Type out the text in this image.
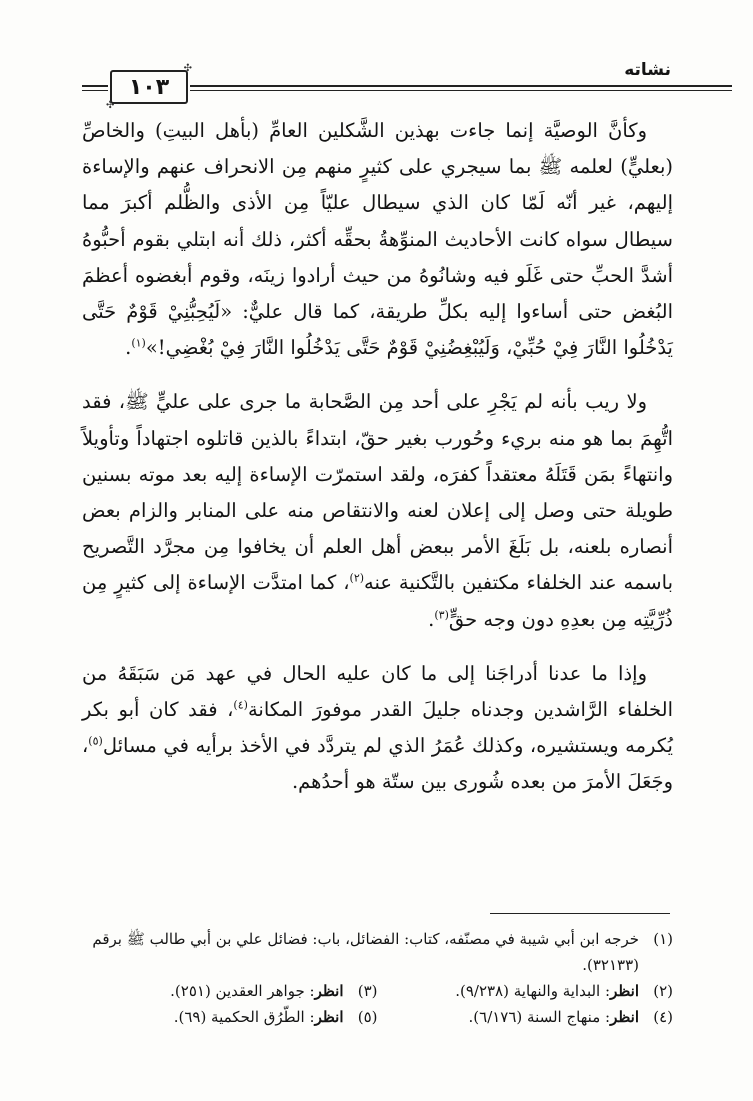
نشاته
✣ ١٠٣
✣

وكأنَّ الوصيَّة إنما جاءت بهذين الشَّكلين العامِّ (بأهل البيتِ) والخاصِّ (بعليٍّ) لعلمه ﷺ بما سيجري على كثيرٍ منهم مِن الانحراف عنهم والإساءة إليهم، غير أنّه لَمّا كان الذي سيطال عليّاً مِن الأذى والظُّلم أكبرَ مما سيطال سواه كانت الأحاديث المنوِّهةُ بحقِّه أكثر، ذلك أنه ابتلي بقوم أحبُّوهُ أشدَّ الحبِّ حتى غَلَو فيه وشانُوهُ من حيث أرادوا زينَه، وقوم أبغضوه أعظمَ البُغض حتى أساءوا إليه بكلِّ طريقة، كما قال عليٌّ: «لَيُحِبُّنِيْ قَوْمٌ حَتَّى يَدْخُلُوا النَّارَ فِيْ حُبِّيْ، وَلَيُبْغِضُنِيْ قَوْمٌ حَتَّى يَدْخُلُوا النَّارَ فِيْ بُغْضِي!»$^{(١)}$.

ولا ريب بأنه لم يَجْرِ على أحد مِن الصَّحابة ما جرى على عليٍّ ﷺ، فقد اتُّهِمَ بما هو منه بريء وحُورب بغير حقّ، ابتداءً بالذين قاتلوه اجتهاداً وتأويلاً وانتهاءً بمَن قَتَلَهُ معتقداً كفرَه، ولقد استمرّت الإساءة إليه بعد موته بسنين طويلة حتى وصل إلى إعلان لعنه والانتقاص منه على المنابر والزام بعض أنصاره بلعنه، بل بَلَغَ الأمر ببعض أهل العلم أن يخافوا مِن مجرَّد التَّصريح باسمه عند الخلفاء مكتفين بالتَّكنية عنه$^{(٢)}$، كما امتدَّت الإساءة إلى كثيرٍ مِن ذُرِّيَّتِه مِن بعدِهِ دون وجه حقٍّ$^{(٣)}$.

وإذا ما عدنا أدراجَنا إلى ما كان عليه الحال في عهد مَن سَبَقَهُ من الخلفاء الرَّاشدين وجدناه جليلَ القدر موفورَ المكانة$^{(٤)}$، فقد كان أبو بكر يُكرمه ويستشيره، وكذلك عُمَرُ الذي لم يتردَّد في الأخذ برأيه في مسائل$^{(٥)}$، وجَعَلَ الأمرَ من بعده شُورى بين ستّة هو أحدُهم.

(١)
خرجه ابن أبي شيبة في مصنّفه، كتاب: الفضائل، باب: فضائل علي بن أبي طالب ﷺ برقم (٣٢١٣٣).
(٢)
انظر: البداية والنهاية (٩/٢٣٨).
(٣)
انظر: جواهر العقدين (٢٥١).
(٤)
انظر: منهاج السنة (٦/١٧٦).
(٥)
انظر: الطّرُق الحكمية (٦٩).
